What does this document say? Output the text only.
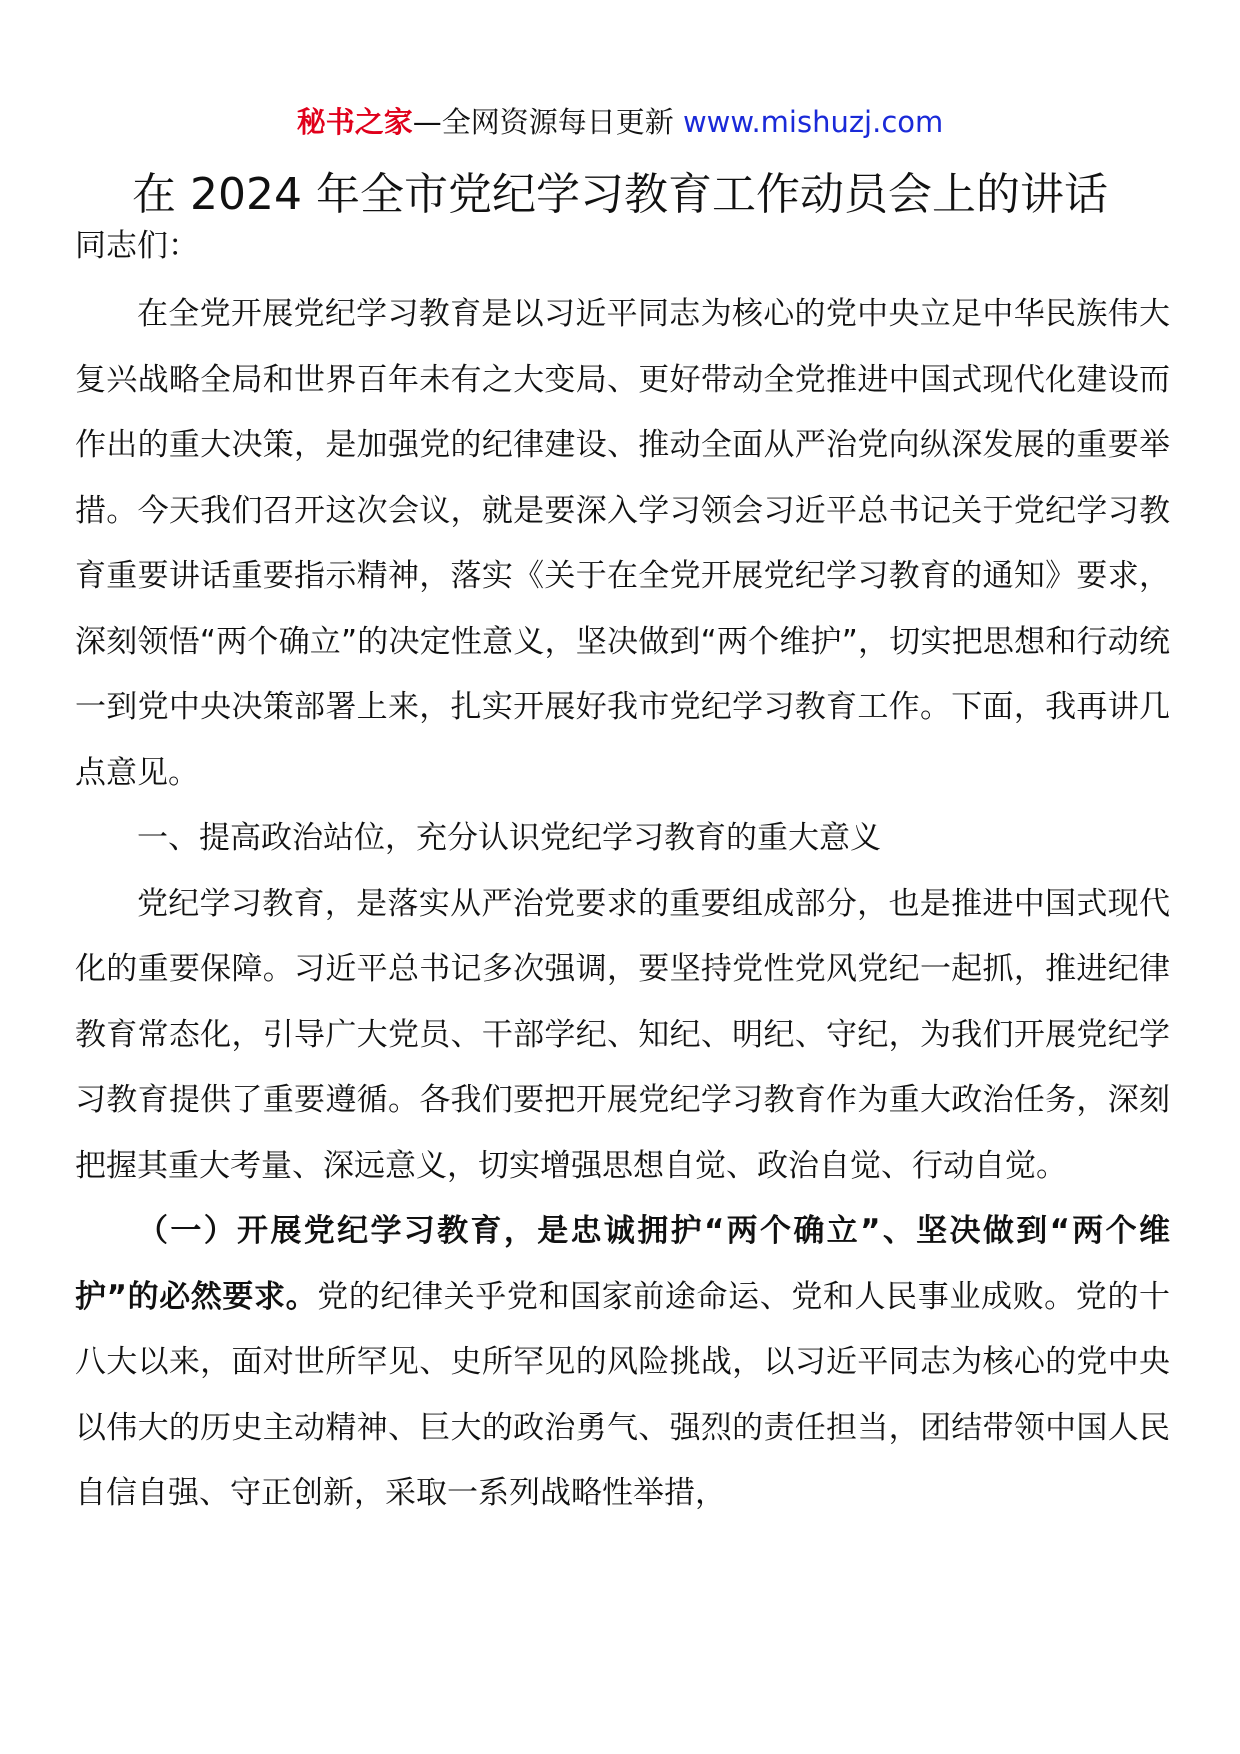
秘书之家—全网资源每日更新 www.mishuzj.com
在 2024 年全市党纪学习教育工作动员会上的讲话

同志们：

在全党开展党纪学习教育是以习近平同志为核心的党中央立足中华民族伟大复兴战略全局和世界百年未有之大变局、更好带动全党推进中国式现代化建设而作出的重大决策，是加强党的纪律建设、推动全面从严治党向纵深发展的重要举措。今天我们召开这次会议，就是要深入学习领会习近平总书记关于党纪学习教育重要讲话重要指示精神，落实《关于在全党开展党纪学习教育的通知》要求，深刻领悟“两个确立”的决定性意义，坚决做到“两个维护”，切实把思想和行动统一到党中央决策部署上来，扎实开展好我市党纪学习教育工作。下面，我再讲几点意见。

一、提高政治站位，充分认识党纪学习教育的重大意义

党纪学习教育，是落实从严治党要求的重要组成部分，也是推进中国式现代化的重要保障。习近平总书记多次强调，要坚持党性党风党纪一起抓，推进纪律教育常态化，引导广大党员、干部学纪、知纪、明纪、守纪，为我们开展党纪学习教育提供了重要遵循。各我们要把开展党纪学习教育作为重大政治任务，深刻把握其重大考量、深远意义，切实增强思想自觉、政治自觉、行动自觉。

（一）开展党纪学习教育，是忠诚拥护“两个确立”、坚决做到“两个维护”的必然要求。党的纪律关乎党和国家前途命运、党和人民事业成败。党的十八大以来，面对世所罕见、史所罕见的风险挑战，以习近平同志为核心的党中央以伟大的历史主动精神、巨大的政治勇气、强烈的责任担当，团结带领中国人民自信自强、守正创新，采取一系列战略性举措，
